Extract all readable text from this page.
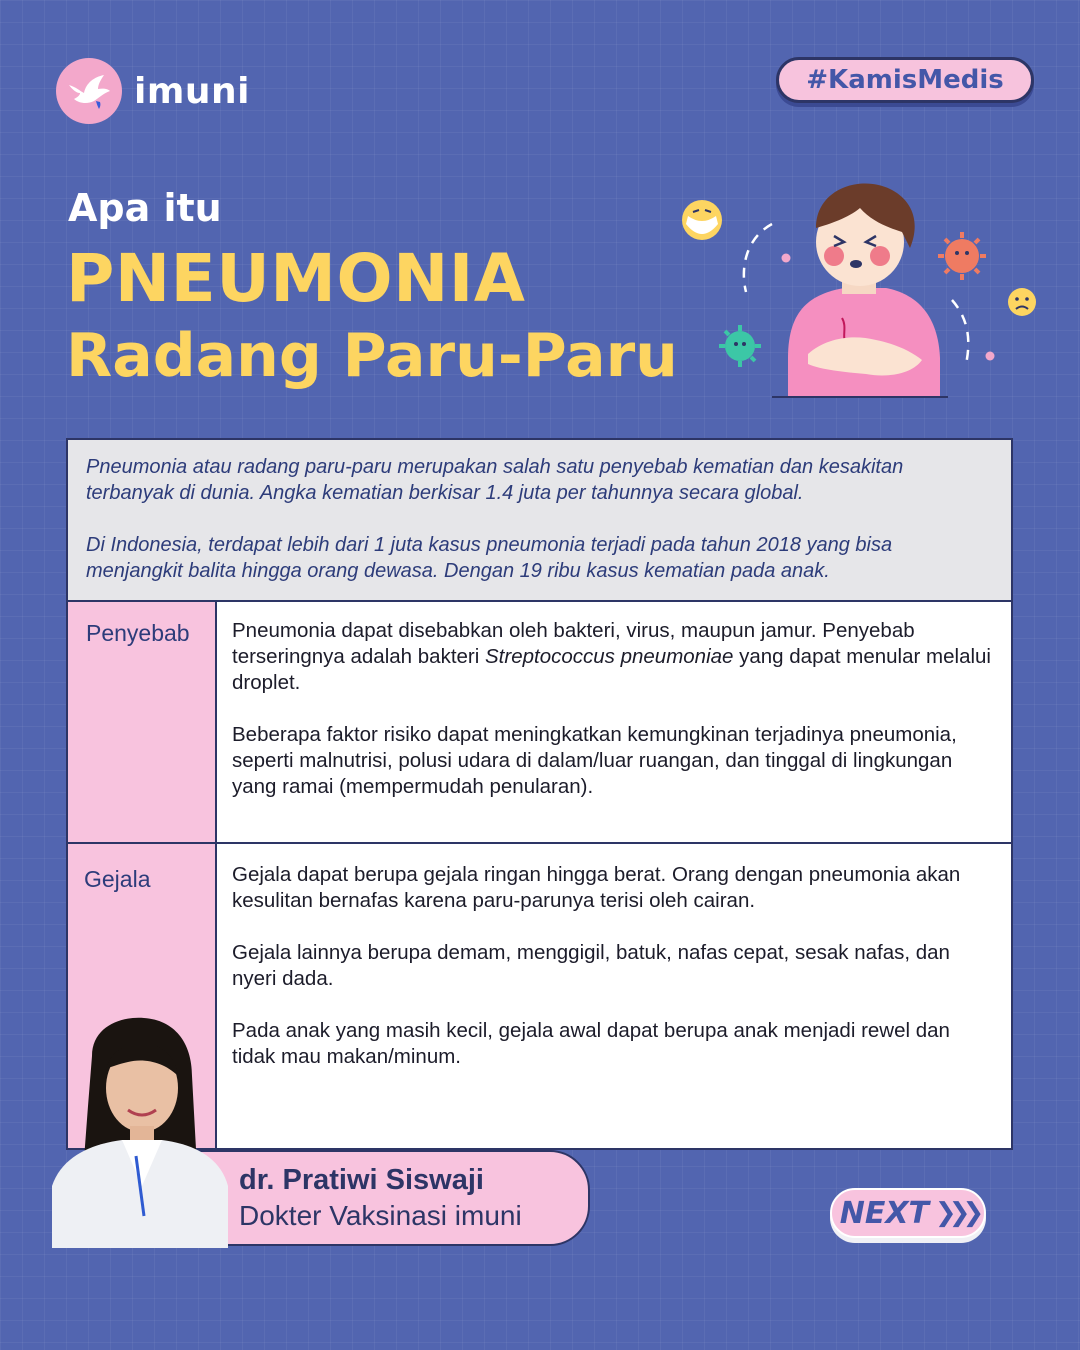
imuni	#KamisMedis
Apa itu
PNEUMONIA
Radang Paru-Paru

Pneumonia atau radang paru-paru merupakan salah satu penyebab kematian dan kesakitan terbanyak di dunia. Angka kematian berkisar 1.4 juta per tahunnya secara global.

Di Indonesia, terdapat lebih dari 1 juta kasus pneumonia terjadi pada tahun 2018 yang bisa menjangkit balita hingga orang dewasa. Dengan 19 ribu kasus kematian pada anak.

Penyebab	Pneumonia dapat disebabkan oleh bakteri, virus, maupun jamur. Penyebab terseringnya adalah bakteri Streptococcus pneumoniae yang dapat menular melalui droplet.

Beberapa faktor risiko dapat meningkatkan kemungkinan terjadinya pneumonia, seperti malnutrisi, polusi udara di dalam/luar ruangan, dan tinggal di lingkungan yang ramai (mempermudah penularan).

Gejala	Gejala dapat berupa gejala ringan hingga berat. Orang dengan pneumonia akan kesulitan bernafas karena paru-parunya terisi oleh cairan.

Gejala lainnya berupa demam, menggigil, batuk, nafas cepat, sesak nafas, dan nyeri dada.

Pada anak yang masih kecil, gejala awal dapat berupa anak menjadi rewel dan tidak mau makan/minum.

dr. Pratiwi Siswaji
Dokter Vaksinasi imuni	NEXT ❯❯❯
